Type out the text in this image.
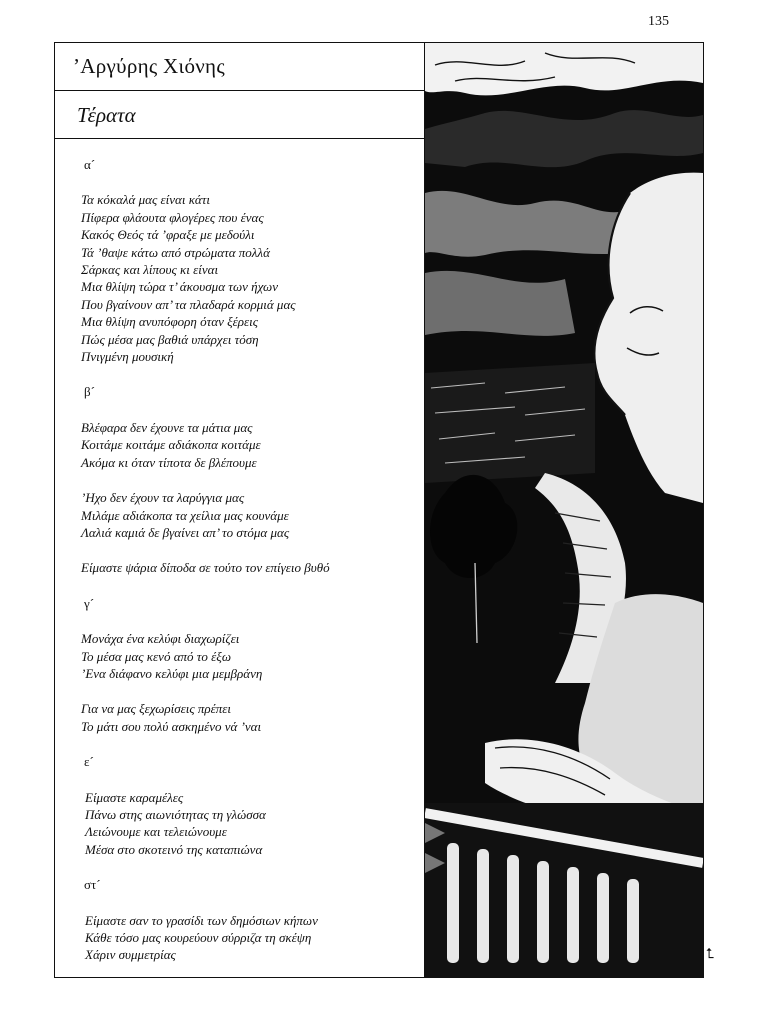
135
’Αργύρης Χιόνης
Τέρατα
α´
Τα κόκαλά μας είναι κάτι
Πίφερα φλάουτα φλογέρες που ένας
Κακός Θεός τά ’φραξε με μεδούλι
Τά ’θαψε κάτω από στρώματα πολλά
Σάρκας και λίπους κι είναι
Μια θλίψη τώρα τ’ άκουσμα των ήχων
Που βγαίνουν απ’ τα πλαδαρά κορμιά μας
Μια θλίψη ανυπόφορη όταν ξέρεις
Πώς μέσα μας βαθιά υπάρχει τόση
Πνιγμένη μουσική
β´
Βλέφαρα δεν έχουνε τα μάτια μας
Κοιτάμε κοιτάμε αδιάκοπα κοιτάμε
Ακόμα κι όταν τίποτα δε βλέπουμε
’Ηχο δεν έχουν τα λαρύγγια μας
Μιλάμε αδιάκοπα τα χείλια μας κουνάμε
Λαλιά καμιά δε βγαίνει απ’ το στόμα μας
Είμαστε ψάρια δίποδα σε τούτο τον επίγειο βυθό
γ´
Μονάχα ένα κελύφι διαχωρίζει
Το μέσα μας κενό από το έξω
’Ενα διάφανο κελύφι μια μεμβράνη
Για να μας ξεχωρίσεις πρέπει
Το μάτι σου πολύ ασκημένο νά ’ναι
ε´
Είμαστε καραμέλες
Πάνω στης αιωνιότητας τη γλώσσα
Λειώνουμε και τελειώνουμε
Μέσα στο σκοτεινό της καταπιώνα
στ´
Είμαστε σαν το γρασίδι των δημόσιων κήπων
Κάθε τόσο μας κουρεύουν σύρριζα τη σκέψη
Χάριν συμμετρίας	⮤
